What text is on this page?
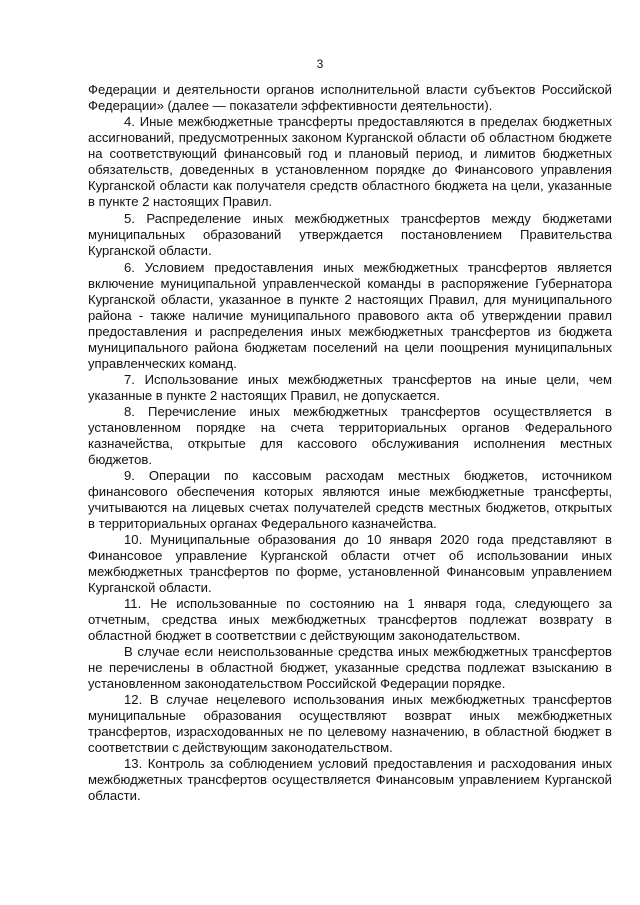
3

Федерации и деятельности органов исполнительной власти субъектов Российской Федерации» (далее — показатели эффективности деятельности).

4. Иные межбюджетные трансферты предоставляются в пределах бюджетных ассигнований, предусмотренных законом Курганской области об областном бюджете на соответствующий финансовый год и плановый период, и лимитов бюджетных обязательств, доведенных в установленном порядке до Финансового управления Курганской области как получателя средств областного бюджета на цели, указанные в пункте 2 настоящих Правил.

5. Распределение иных межбюджетных трансфертов между бюджетами муниципальных образований утверждается постановлением Правительства Курганской области.

6. Условием предоставления иных межбюджетных трансфертов является включение муниципальной управленческой команды в распоряжение Губернатора Курганской области, указанное в пункте 2 настоящих Правил, для муниципального района - также наличие муниципального правового акта об утверждении правил предоставления и распределения иных межбюджетных трансфертов из бюджета муниципального района бюджетам поселений на цели поощрения муниципальных управленческих команд.

7. Использование иных межбюджетных трансфертов на иные цели, чем указанные в пункте 2 настоящих Правил, не допускается.

8. Перечисление иных межбюджетных трансфертов осуществляется в установленном порядке на счета территориальных органов Федерального казначейства, открытые для кассового обслуживания исполнения местных бюджетов.

9. Операции по кассовым расходам местных бюджетов, источником финансового обеспечения которых являются иные межбюджетные трансферты, учитываются на лицевых счетах получателей средств местных бюджетов, открытых в территориальных органах Федерального казначейства.

10. Муниципальные образования до 10 января 2020 года представляют в Финансовое управление Курганской области отчет об использовании иных межбюджетных трансфертов по форме, установленной Финансовым управлением Курганской области.

11. Не использованные по состоянию на 1 января года, следующего за отчетным, средства иных межбюджетных трансфертов подлежат возврату в областной бюджет в соответствии с действующим законодательством.

В случае если неиспользованные средства иных межбюджетных трансфертов не перечислены в областной бюджет, указанные средства подлежат взысканию в установленном законодательством Российской Федерации порядке.

12. В случае нецелевого использования иных межбюджетных трансфертов муниципальные образования осуществляют возврат иных межбюджетных трансфертов, израсходованных не по целевому назначению, в областной бюджет в соответствии с действующим законодательством.

13. Контроль за соблюдением условий предоставления и расходования иных межбюджетных трансфертов осуществляется Финансовым управлением Курганской области.
